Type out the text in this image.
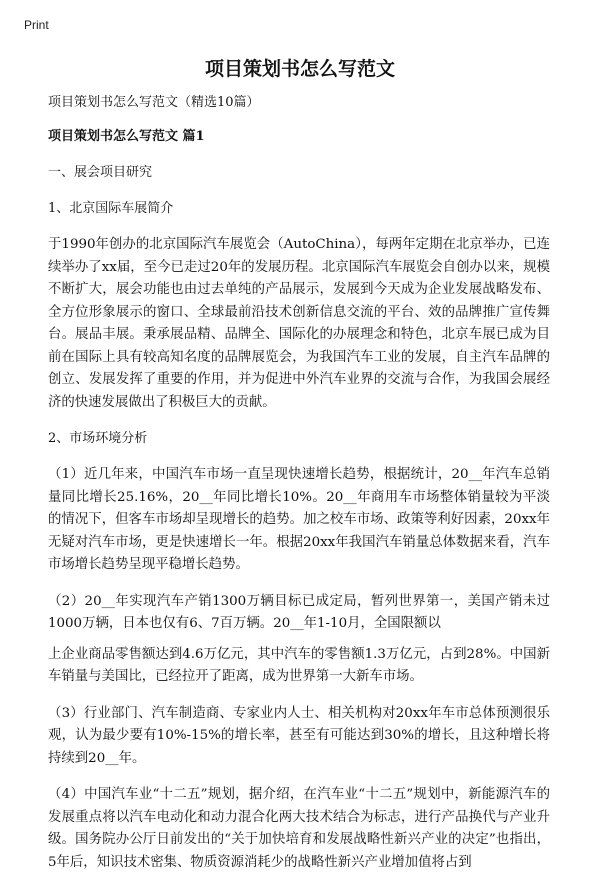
Print
项目策划书怎么写范文

项目策划书怎么写范文（精选10篇）

项目策划书怎么写范文 篇1

一、展会项目研究

1、北京国际车展简介

于1990年创办的北京国际汽车展览会（AutoChina），每两年定期在北京举办，已连续举办了xx届，至今已走过20年的发展历程。北京国际汽车展览会自创办以来，规模不断扩大，展会功能也由过去单纯的产品展示，发展到今天成为企业发展战略发布、全方位形象展示的窗口、全球最前沿技术创新信息交流的平台、效的品牌推广宣传舞台。展品丰展。秉承展品精、品牌全、国际化的办展理念和特色，北京车展已成为目前在国际上具有较高知名度的品牌展览会，为我国汽车工业的发展，自主汽车品牌的创立、发展发挥了重要的作用，并为促进中外汽车业界的交流与合作，为我国会展经济的快速发展做出了积极巨大的贡献。

2、市场环境分析

（1）近几年来，中国汽车市场一直呈现快速增长趋势，根据统计，20__年汽车总销量同比增长25.16%，20__年同比增长10%。20__年商用车市场整体销量较为平淡的情况下，但客车市场却呈现增长的趋势。加之校车市场、政策等利好因素，20xx年无疑对汽车市场，更是快速增长一年。根据20xx年我国汽车销量总体数据来看，汽车市场增长趋势呈现平稳增长趋势。

（2）20__年实现汽车产销1300万辆目标已成定局，暂列世界第一，美国产销未过1000万辆，日本也仅有6、7百万辆。20__年1-10月，全国限额以

上企业商品零售额达到4.6万亿元，其中汽车的零售额1.3万亿元，占到28%。中国新车销量与美国比，已经拉开了距离，成为世界第一大新车市场。

（3）行业部门、汽车制造商、专家业内人士、相关机构对20xx年车市总体预测很乐观，认为最少要有10%-15%的增长率，甚至有可能达到30%的增长，且这种增长将持续到20__年。

（4）中国汽车业“十二五”规划，据介绍，在汽车业“十二五”规划中，新能源汽车的发展重点将以汽车电动化和动力混合化两大技术结合为标志，进行产品换代与产业升级。国务院办公厅日前发出的“关于加快培育和发展战略性新兴产业的决定”也指出，5年后，知识技术密集、物质资源消耗少的战略性新兴产业增加值将占到
